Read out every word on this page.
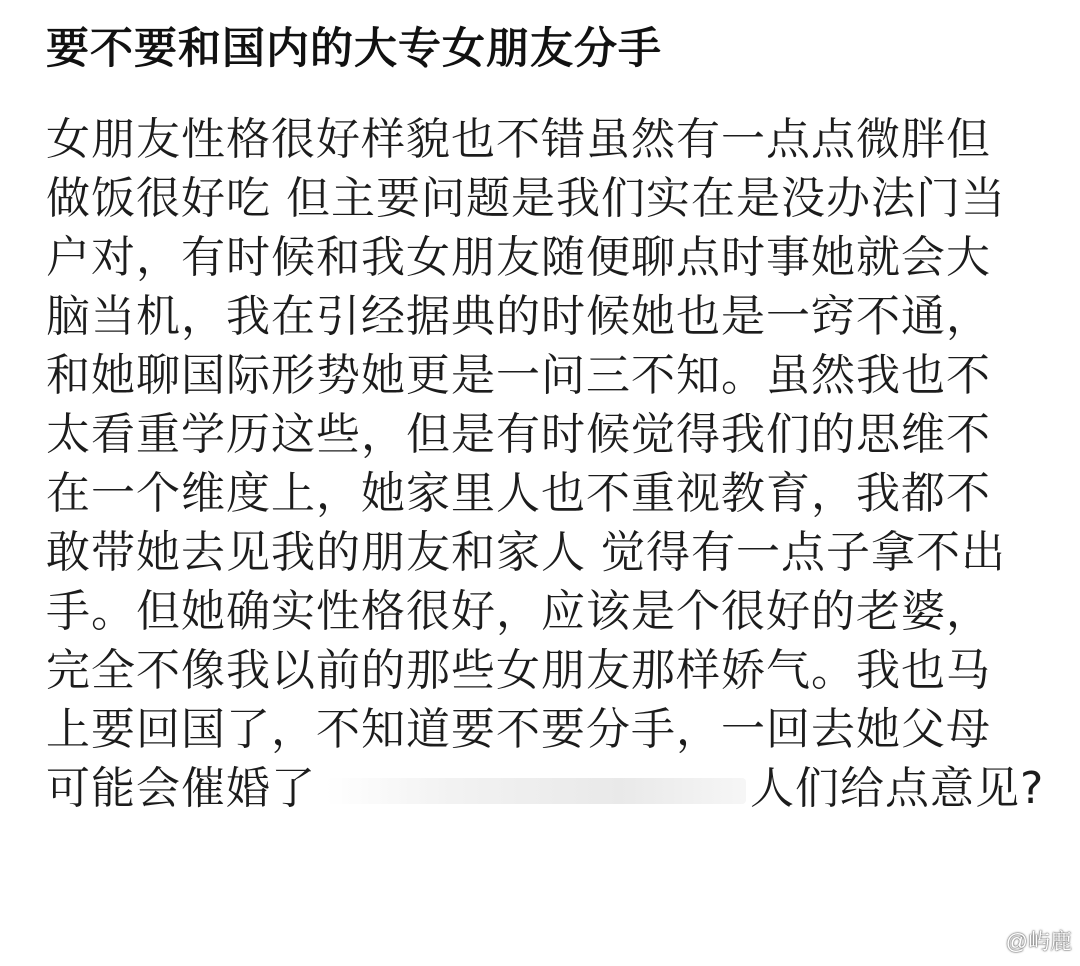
要不要和国内的大专女朋友分手
女朋友性格很好样貌也不错虽然有一点点微胖但
做饭很好吃 但主要问题是我们实在是没办法门当
户对，有时候和我女朋友随便聊点时事她就会大
脑当机，我在引经据典的时候她也是一窍不通，
和她聊国际形势她更是一问三不知。虽然我也不
太看重学历这些，但是有时候觉得我们的思维不
在一个维度上，她家里人也不重视教育，我都不
敢带她去见我的朋友和家人 觉得有一点子拿不出
手。但她确实性格很好，应该是个很好的老婆，
完全不像我以前的那些女朋友那样娇气。我也马
上要回国了，不知道要不要分手，一回去她父母
可能会催婚了	人们给点意见?
@屿鹿
